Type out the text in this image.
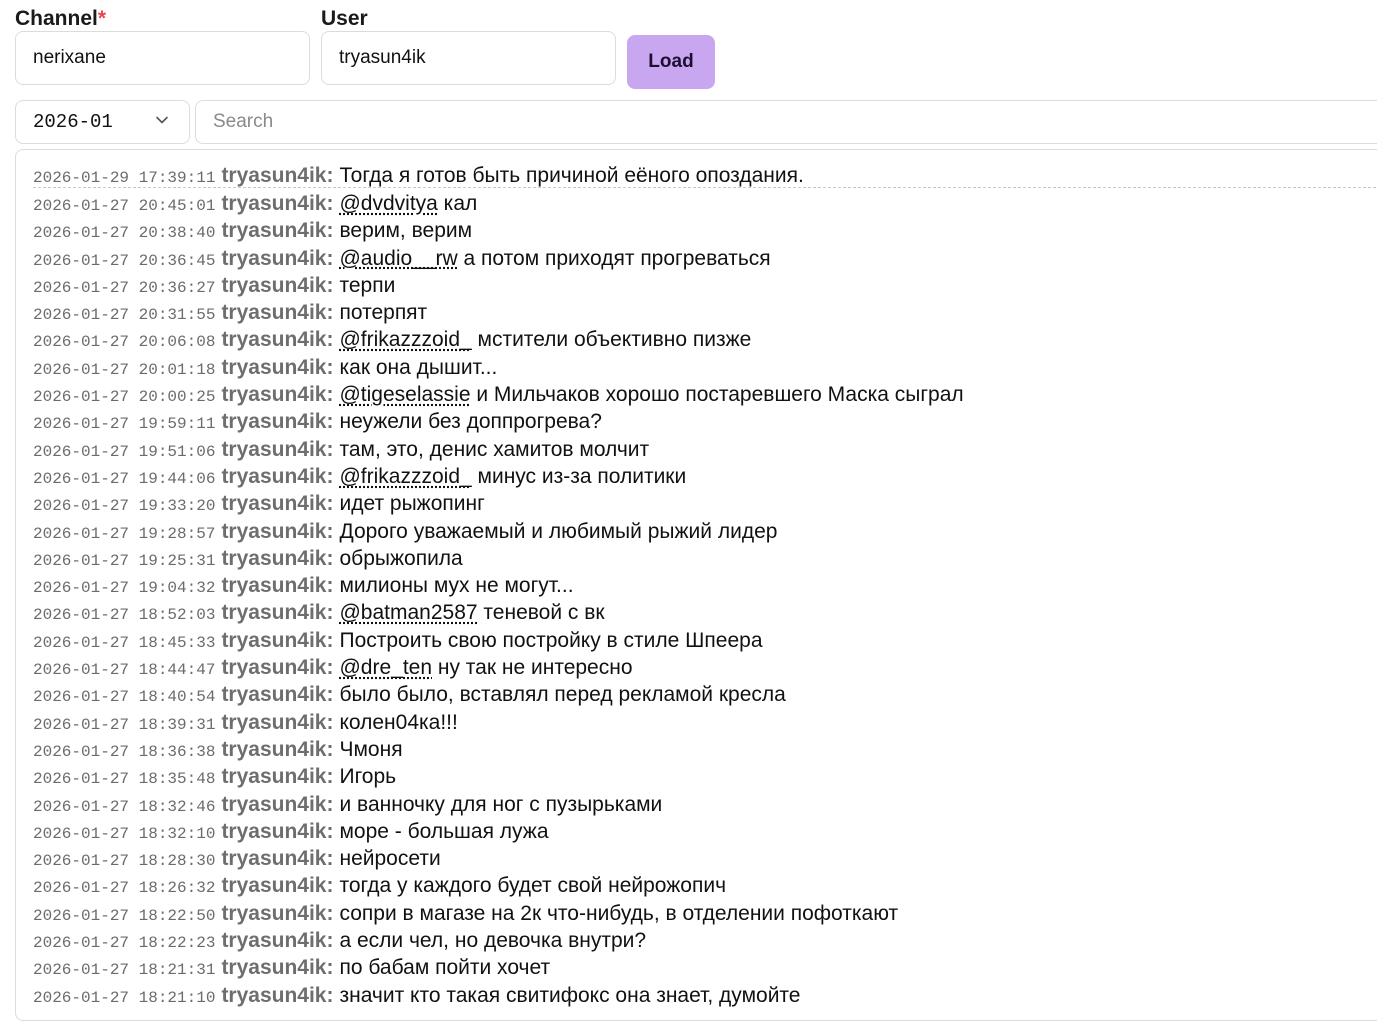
Channel*
nerixane	User
tryasun4ik
Load
2026-01
Search
2026-01-29 17:39:11 tryasun4ik: Тогда я готов быть причиной еёного опоздания.
2026-01-27 20:45:01 tryasun4ik: @dvdvitya кал
2026-01-27 20:38:40 tryasun4ik: верим, верим
2026-01-27 20:36:45 tryasun4ik: @audio__rw а потом приходят прогреваться
2026-01-27 20:36:27 tryasun4ik: терпи
2026-01-27 20:31:55 tryasun4ik: потерпят
2026-01-27 20:06:08 tryasun4ik: @frikazzzoid_ мстители объективно пизже
2026-01-27 20:01:18 tryasun4ik: как она дышит...
2026-01-27 20:00:25 tryasun4ik: @tigeselassie и Мильчаков хорошо постаревшего Маска сыграл
2026-01-27 19:59:11 tryasun4ik: неужели без доппрогрева?
2026-01-27 19:51:06 tryasun4ik: там, это, денис хамитов молчит
2026-01-27 19:44:06 tryasun4ik: @frikazzzoid_ минус из-за политики
2026-01-27 19:33:20 tryasun4ik: идет рыжопинг
2026-01-27 19:28:57 tryasun4ik: Дорого уважаемый и любимый рыжий лидер
2026-01-27 19:25:31 tryasun4ik: обрыжопила
2026-01-27 19:04:32 tryasun4ik: милионы мух не могут...
2026-01-27 18:52:03 tryasun4ik: @batman2587 теневой с вк
2026-01-27 18:45:33 tryasun4ik: Построить свою постройку в стиле Шпеера
2026-01-27 18:44:47 tryasun4ik: @dre_ten ну так не интересно
2026-01-27 18:40:54 tryasun4ik: было было, вставлял перед рекламой кресла
2026-01-27 18:39:31 tryasun4ik: колен04ка!!!
2026-01-27 18:36:38 tryasun4ik: Чмоня
2026-01-27 18:35:48 tryasun4ik: Игорь
2026-01-27 18:32:46 tryasun4ik: и ванночку для ног с пузырьками
2026-01-27 18:32:10 tryasun4ik: море - большая лужа
2026-01-27 18:28:30 tryasun4ik: нейросети
2026-01-27 18:26:32 tryasun4ik: тогда у каждого будет свой нейрожопич
2026-01-27 18:22:50 tryasun4ik: сопри в магазе на 2к что-нибудь, в отделении пофоткают
2026-01-27 18:22:23 tryasun4ik: а если чел, но девочка внутри?
2026-01-27 18:21:31 tryasun4ik: по бабам пойти хочет
2026-01-27 18:21:10 tryasun4ik: значит кто такая свитифокс она знает, думойте
